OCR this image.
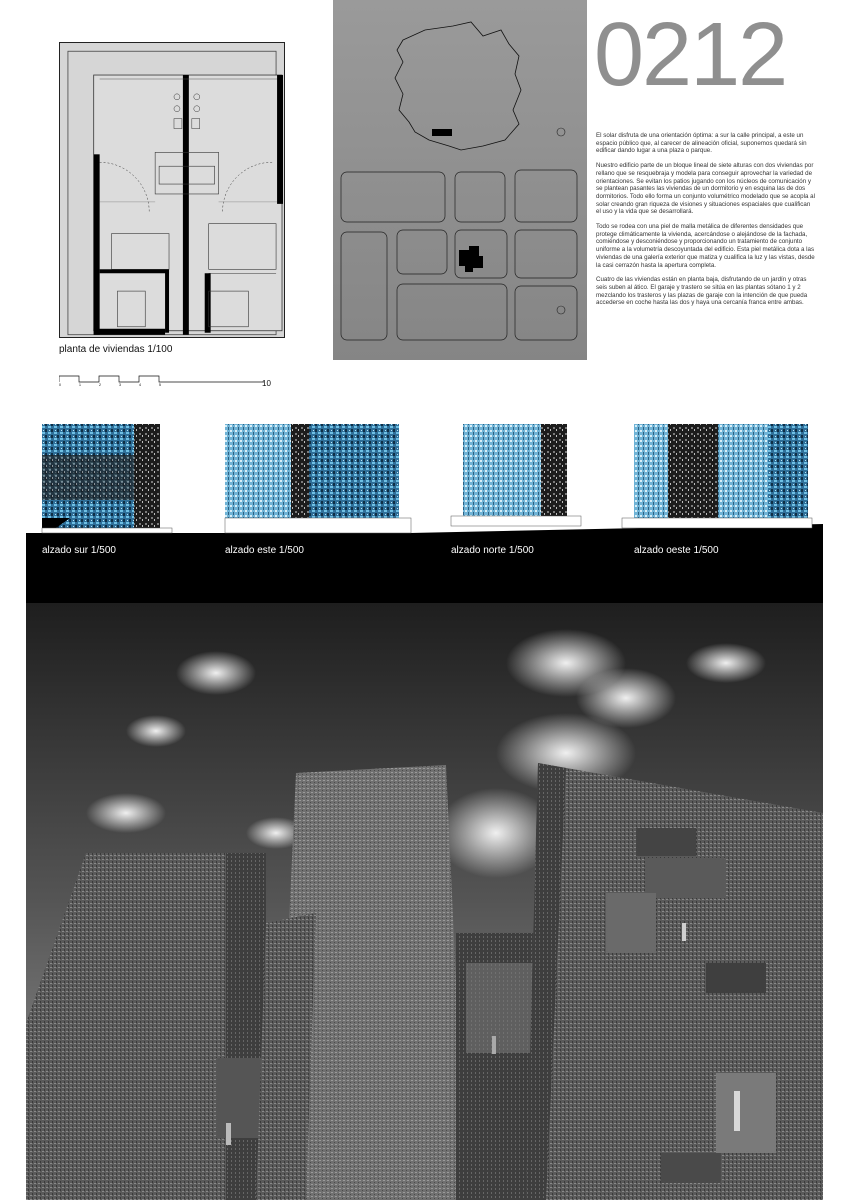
planta de viviendas 1/100
0	1	2	3	4	5	10
0212

El solar disfruta de una orientación óptima: a sur la calle principal, a este un espacio público que, al carecer de alineación oficial, suponemos quedará sin edificar dando lugar a una plaza o parque.

Nuestro edificio parte de un bloque lineal de siete alturas con dos viviendas por rellano que se resquebraja y modela para conseguir aprovechar la variedad de orientaciones. Se evitan los patios jugando con los núcleos de comunicación y se plantean pasantes las viviendas de un dormitorio y en esquina las de dos dormitorios. Todo ello forma un conjunto volumétrico modelado que se acopla al solar creando gran riqueza de visiones y situaciones espaciales que cualifican el uso y la vida que se desarrollará.

Todo se rodea con una piel de malla metálica de diferentes densidades que protege climáticamente la vivienda, acercándose o alejándose de la fachada, comiéndose y desconiéndose y proporcionando un tratamiento de conjunto uniforme a la volumetría descoyuntada del edificio. Esta piel metálica dota a las viviendas de una galería exterior que matiza y cualifica la luz y las vistas, desde la casi cerrazón hasta la apertura completa.

Cuatro de las viviendas están en planta baja, disfrutando de un jardín y otras seis suben al ático. El garaje y trastero se sitúa en las plantas sótano 1 y 2 mezclando los trasteros y las plazas de garaje con la intención de que pueda accederse en coche hasta las dos y haya una cercanía franca entre ambas.

alzado sur 1/500	alzado este 1/500	alzado norte 1/500	alzado oeste 1/500
